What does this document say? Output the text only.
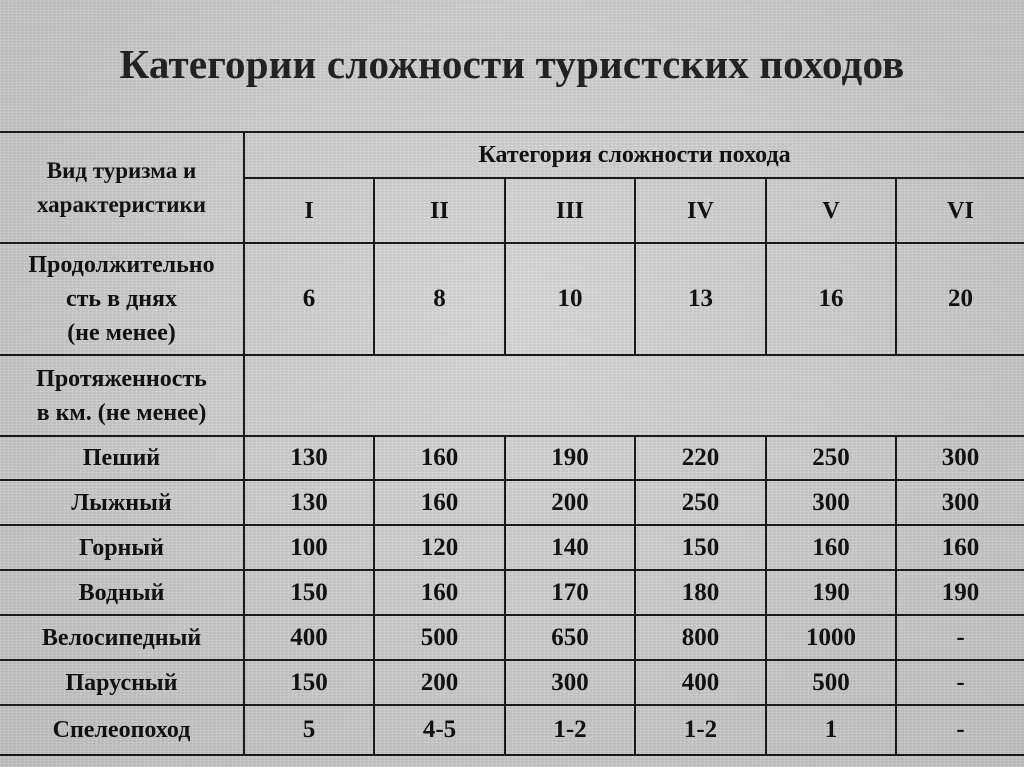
Категории сложности туристских походов
Вид туризма и
характеристики	Категория сложности похода					
	I	II	III	IV	V	VI

Продолжительно
сть в днях
(не менее)	6	8	10	13	16	20

Протяженность
в км. (не менее)						

Пеший	130	160	190	220	250	300
Лыжный	130	160	200	250	300	300
Горный	100	120	140	150	160	160
Водный	150	160	170	180	190	190
Велосипедный	400	500	650	800	1000	-
Парусный	150	200	300	400	500	-
Спелеопоход	5	4-5	1-2	1-2	1	-
